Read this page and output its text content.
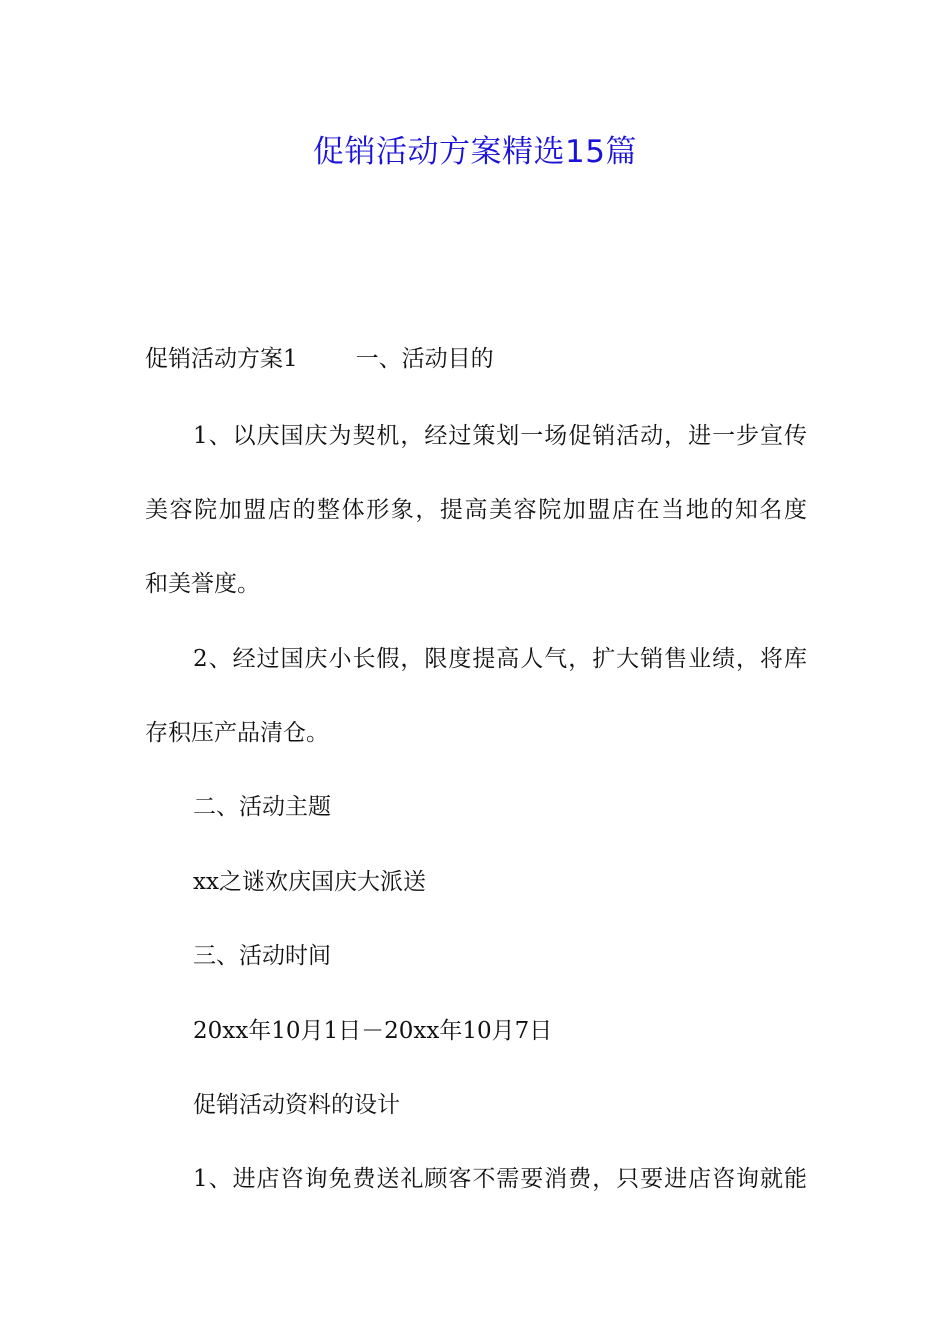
促销活动方案精选15篇

促销活动方案1	一、活动目的

1、以庆国庆为契机，经过策划一场促销活动，进一步宣传

美容院加盟店的整体形象，提高美容院加盟店在当地的知名度

和美誉度。

2、经过国庆小长假，限度提高人气，扩大销售业绩，将库

存积压产品清仓。

二、活动主题

xx之谜欢庆国庆大派送

三、活动时间

20xx年10月1日－20xx年10月7日

促销活动资料的设计

1、进店咨询免费送礼顾客不需要消费，只要进店咨询就能
